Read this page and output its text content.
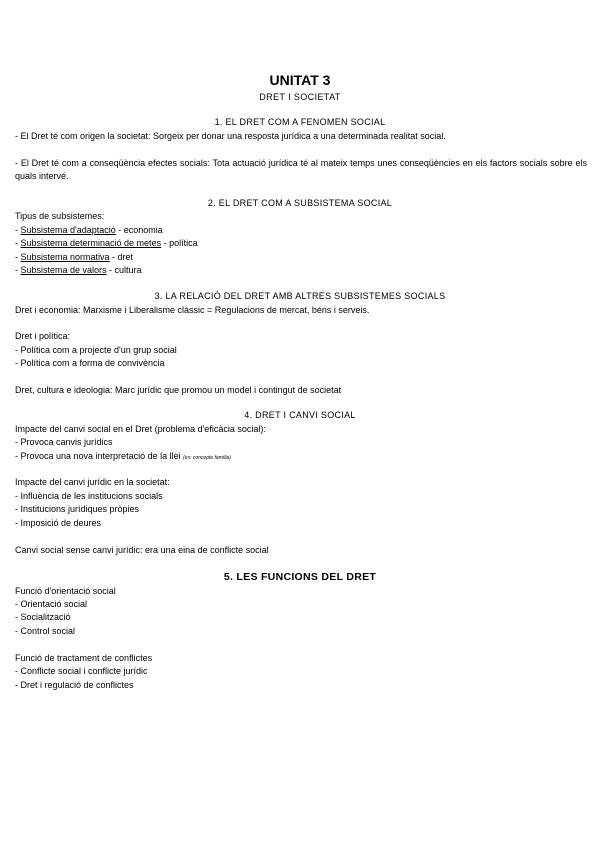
UNITAT 3
DRET I SOCIETAT
1. EL DRET COM A FENOMEN SOCIAL
- El Dret té com origen la societat: Sorgeix per donar una resposta jurídica a una determinada realitat social.
- El Dret té com a conseqüència efectes socials: Tota actuació jurídica té al mateix temps unes conseqüències en els factors socials sobre els quals intervé.
2. EL DRET COM A SUBSISTEMA SOCIAL
Tipus de subsistemes:
- Subsistema d'adaptació - economia
- Subsistema determinació de metes - política
- Subsistema normativa - dret
- Subsistema de valors - cultura
3. LA RELACIÓ DEL DRET AMB ALTRES SUBSISTEMES SOCIALS
Dret i economia: Marxisme i Liberalisme clàssic = Regulacions de mercat, béns i serveis.
Dret i política:
- Política com a projecte d'un grup social
- Política com a forma de convivència
Dret, cultura e ideologia: Marc jurídic que promou un model i contingut de societat
4. DRET I CANVI SOCIAL
Impacte del canvi social en el Dret (problema d'eficàcia social):
- Provoca canvis jurídics
- Provoca una nova interpretació de la llei (ex: concepte família)
Impacte del canvi jurídic en la societat:
- Influència de les institucions socials
- Institucions jurídiques pròpies
- Imposició de deures
Canvi social sense canvi jurídic: era una eina de conflicte social
5. LES FUNCIONS DEL DRET
Funció d'orientació social
- Orientació social
- Socialització
- Control social
Funció de tractament de conflictes
- Conflicte social i conflicte jurídic
- Dret i regulació de conflictes
